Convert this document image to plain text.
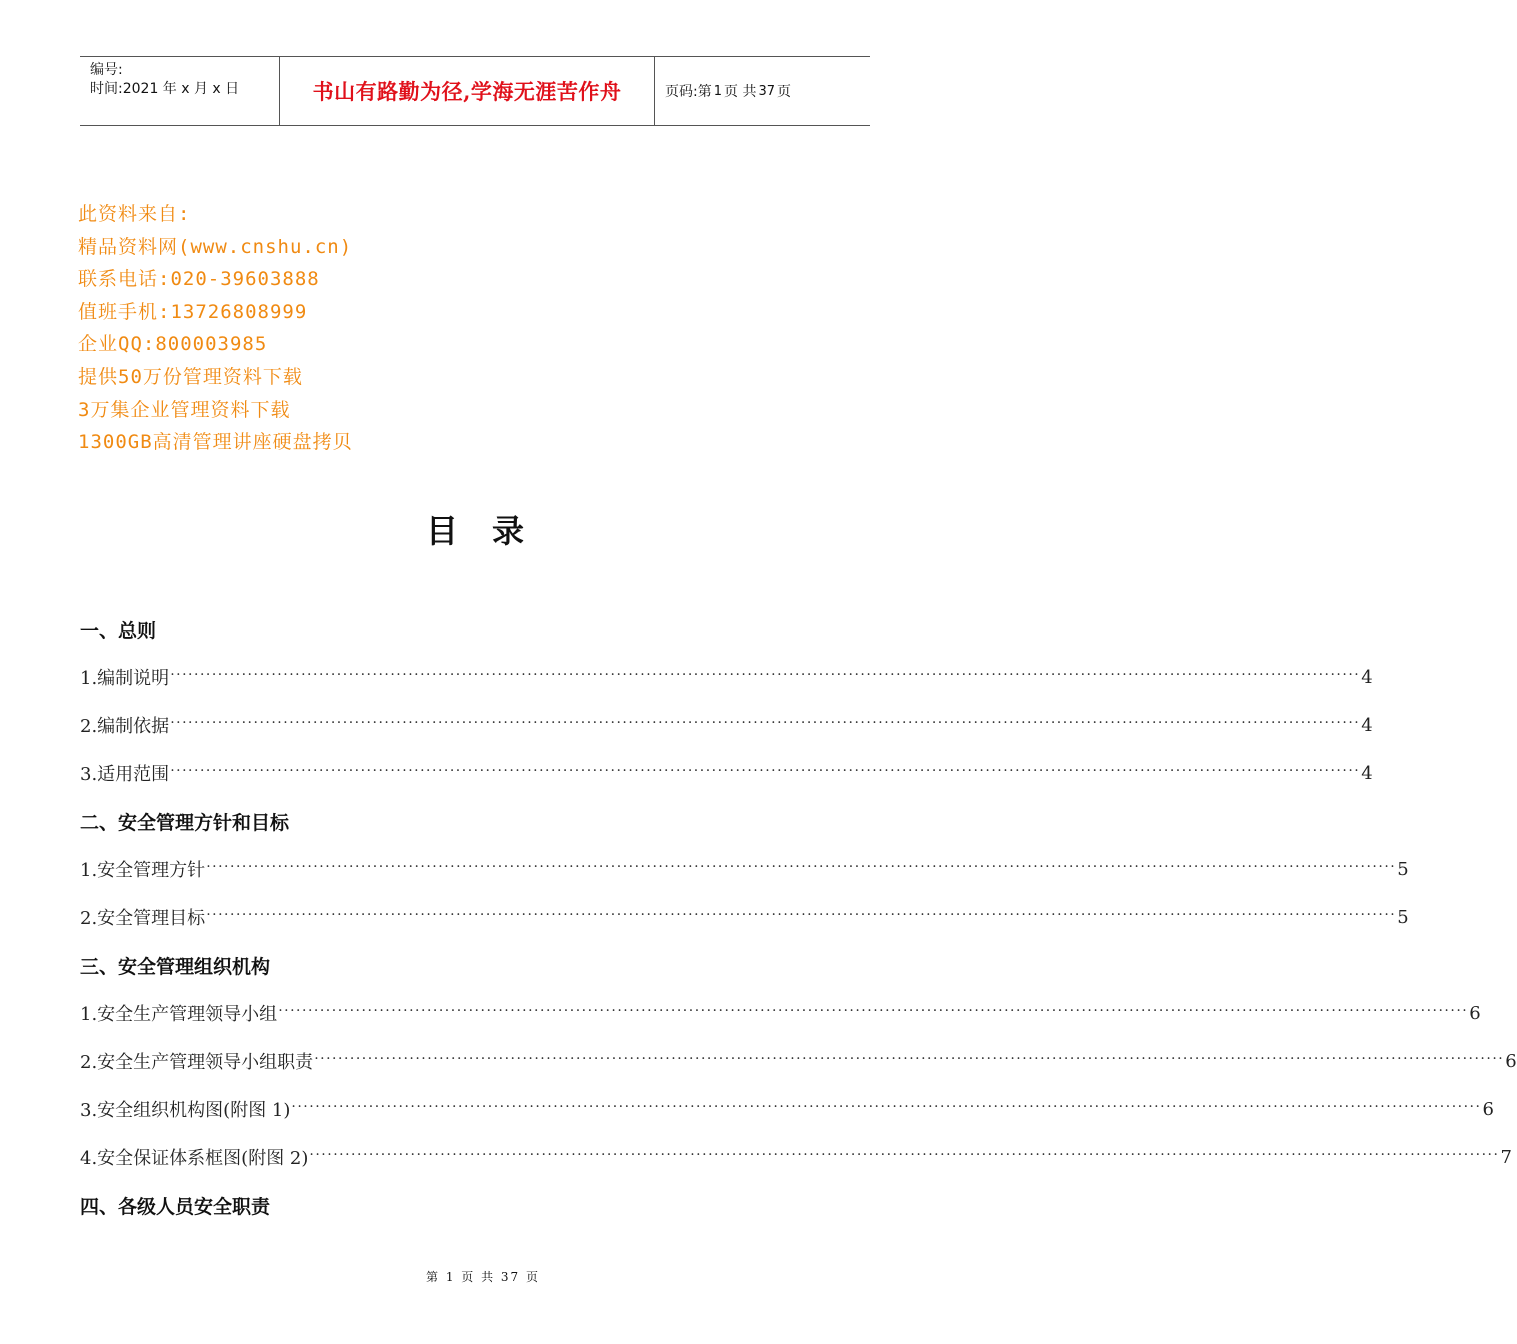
编号:
时间:2021 年 x 月 x 日	书山有路勤为径,学海无涯苦作舟	页码:第 1 页 共 37 页
此资料来自:
精品资料网(www.cnshu.cn)
联系电话:020-39603888
值班手机:13726808999
企业QQ:800003985
提供50万份管理资料下载
3万集企业管理资料下载
1300GB高清管理讲座硬盘拷贝
目录
一、总则
1.编制说明 ········································································································································································································ 4
2.编制依据 ········································································································································································································ 4
3.适用范围 ········································································································································································································ 4
二、安全管理方针和目标
1.安全管理方针 ········································································································································································································ 5
2.安全管理目标 ········································································································································································································ 5
三、安全管理组织机构
1.安全生产管理领导小组 ········································································································································································································ 6
2.安全生产管理领导小组职责 ········································································································································································································ 6
3.安全组织机构图(附图 1) ········································································································································································································ 6
4.安全保证体系框图(附图 2) ········································································································································································································ 7
四、各级人员安全职责
第 1 页 共 37 页
